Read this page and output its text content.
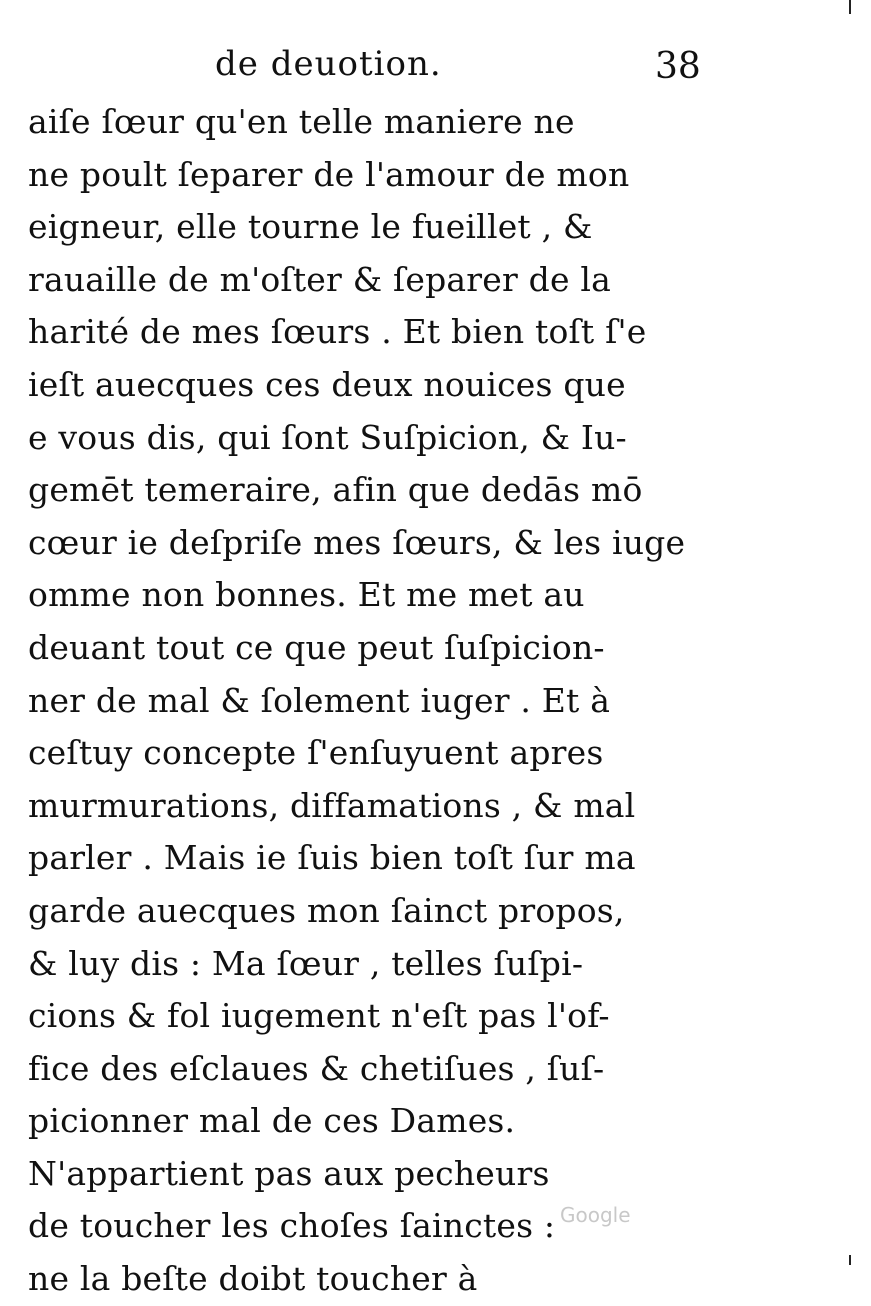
de deuotion.	38
aiſe ſœur qu'en telle maniere ne
ne poult ſeparer de l'amour de mon
eigneur, elle tourne le fueillet , &
rauaille de m'oſter & ſeparer de la
harité de mes ſœurs . Et bien toſt ſ'e
ieſt auecques ces deux nouices que
e vous dis, qui ſont Suſpicion, & Iu-
gemēt temeraire, afin que dedās mō
cœur ie deſpriſe mes ſœurs, & les iuge
omme non bonnes. Et me met au
deuant tout ce que peut ſuſpicion-
ner de mal & ſolement iuger . Et à
ceſtuy concepte ſ'enſuyuent apres
murmurations, diffamations , & mal
parler . Mais ie ſuis bien toſt ſur ma
garde auecques mon ſainct propos,
& luy dis : Ma ſœur , telles ſuſpi-
cions & fol iugement n'eſt pas l'of-
fice des eſclaues & chetiſues , ſuſ-
picionner mal de ces Dames.
N'appartient pas aux pecheurs
de toucher les choſes ſainctes :
ne la beſte doibt toucher à
Google
